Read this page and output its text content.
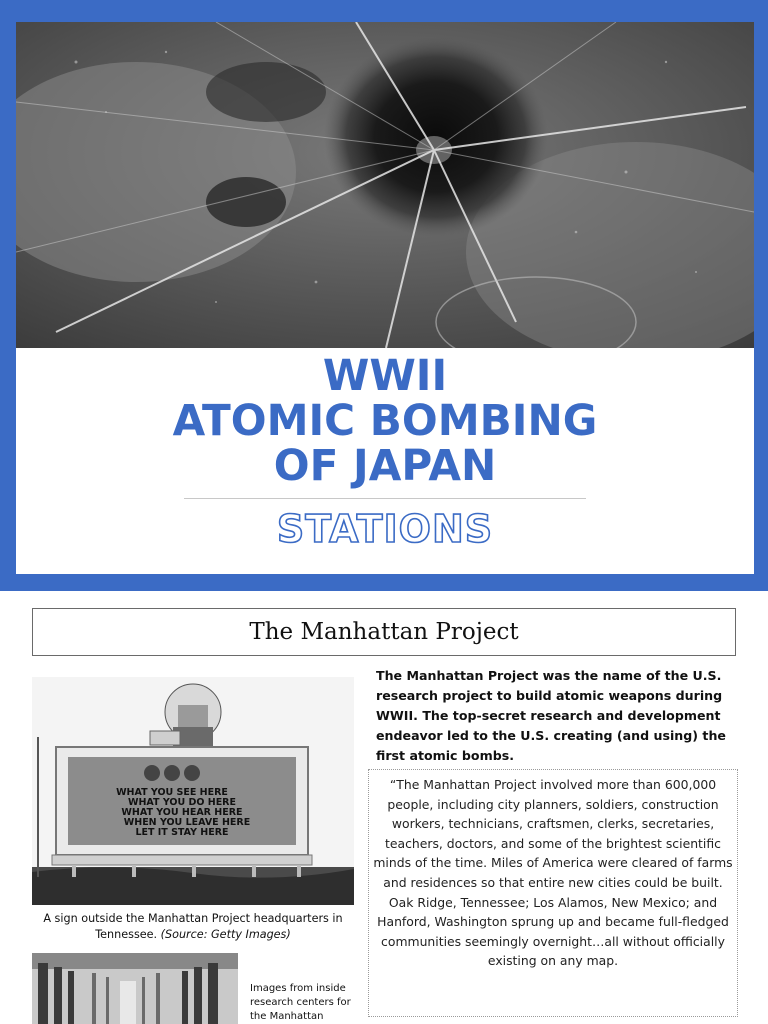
WWII
ATOMIC BOMBING
OF JAPAN
STATIONS
The Manhattan Project
WHAT YOU SEE HERE
WHAT YOU DO HERE
WHAT YOU HEAR HERE
WHEN YOU LEAVE HERE
LET IT STAY HERE
A sign outside the Manhattan Project headquarters in Tennessee. (Source: Getty Images)
Images from inside research centers for the Manhattan
The Manhattan Project was the name of the U.S. research project to build atomic weapons during WWII. The top-secret research and development endeavor led to the U.S. creating (and using) the first atomic bombs.
“The Manhattan Project involved more than 600,000 people, including city planners, soldiers, construction workers, technicians, craftsmen, clerks, secretaries, teachers, doctors, and some of the brightest scientific minds of the time. Miles of America were cleared of farms and residences so that entire new cities could be built. Oak Ridge, Tennessee; Los Alamos, New Mexico; and Hanford, Washington sprung up and became full-fledged communities seemingly overnight…all without officially existing on any map.
